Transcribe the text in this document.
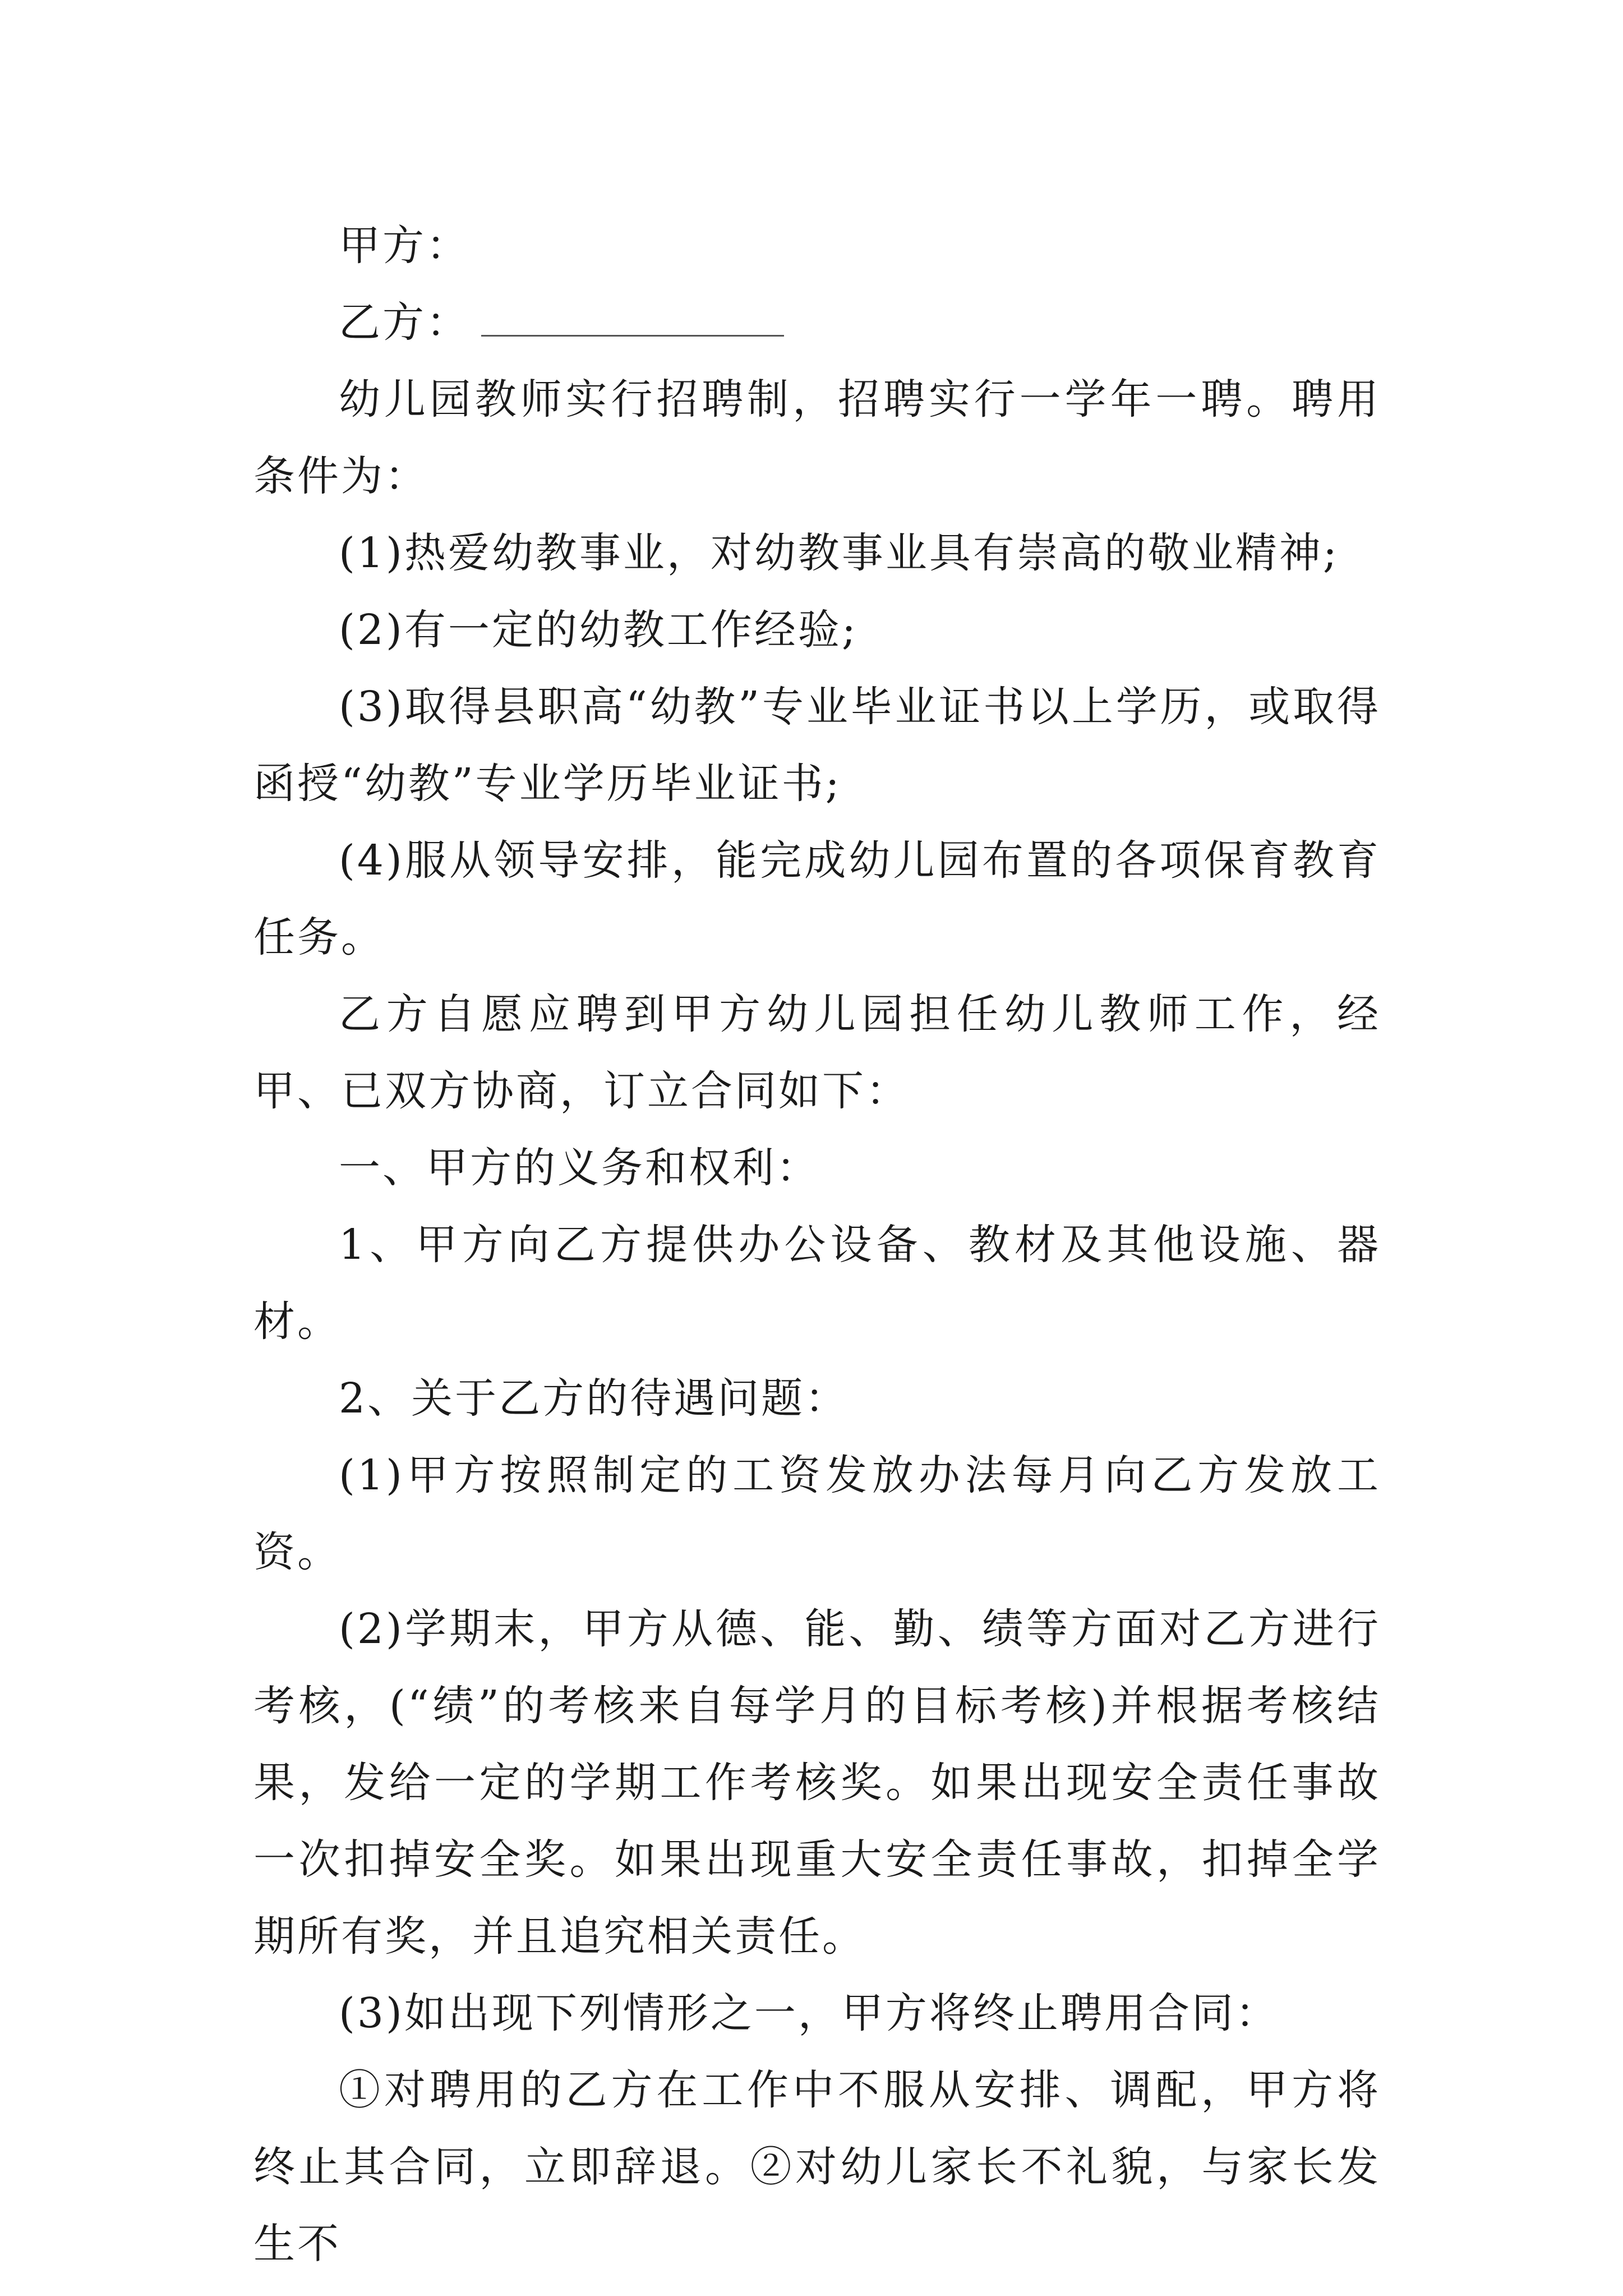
甲方：

乙方：

幼儿园教师实行招聘制，招聘实行一学年一聘。聘用条件为：

(1)热爱幼教事业，对幼教事业具有崇高的敬业精神;

(2)有一定的幼教工作经验;

(3)取得县职高“幼教”专业毕业证书以上学历，或取得函授“幼教”专业学历毕业证书;

(4)服从领导安排，能完成幼儿园布置的各项保育教育任务。

乙方自愿应聘到甲方幼儿园担任幼儿教师工作，经甲、已双方协商，订立合同如下：

一、甲方的义务和权利：

1、甲方向乙方提供办公设备、教材及其他设施、器材。

2、关于乙方的待遇问题：

(1)甲方按照制定的工资发放办法每月向乙方发放工资。

(2)学期末，甲方从德、能、勤、绩等方面对乙方进行考核，(“绩”的考核来自每学月的目标考核)并根据考核结果，发给一定的学期工作考核奖。如果出现安全责任事故一次扣掉安全奖。如果出现重大安全责任事故，扣掉全学期所有奖，并且追究相关责任。

(3)如出现下列情形之一，甲方将终止聘用合同：

①对聘用的乙方在工作中不服从安排、调配，甲方将终止其合同，立即辞退。②对幼儿家长不礼貌，与家长发生不
